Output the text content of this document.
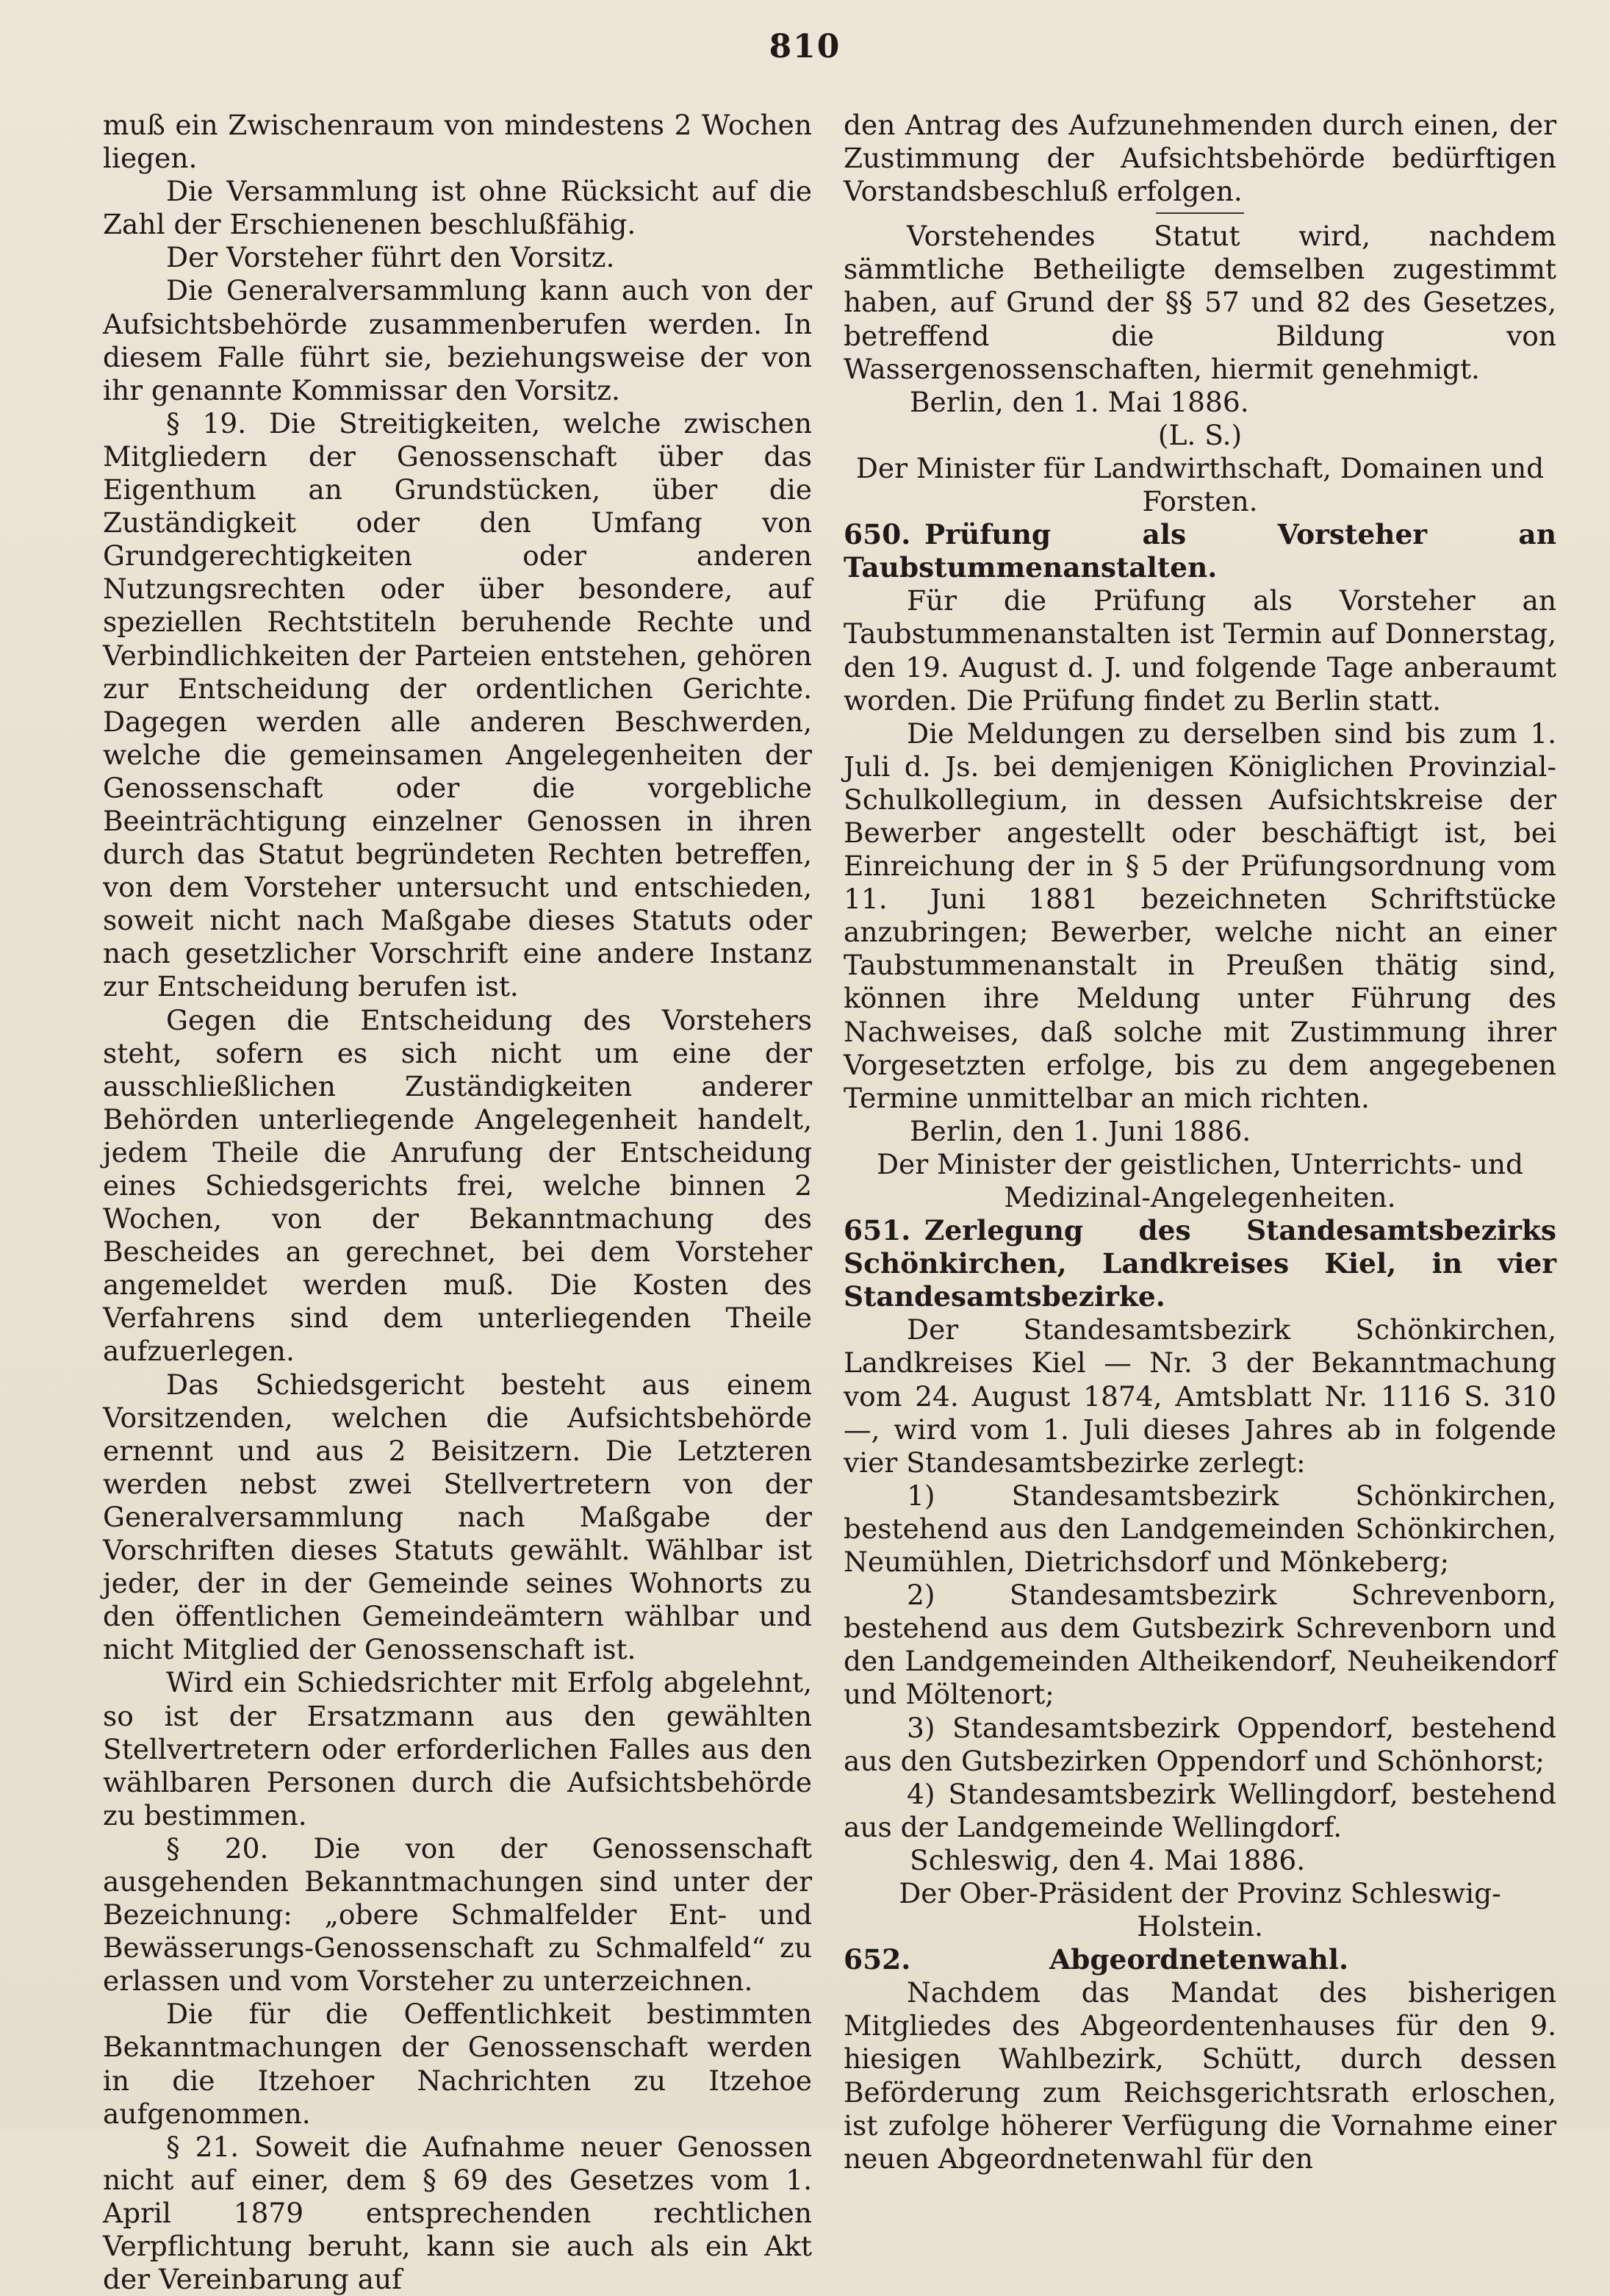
810

muß ein Zwischenraum von mindestens 2 Wochen liegen.

Die Versammlung ist ohne Rücksicht auf die Zahl der Erschienenen beschlußfähig.

Der Vorsteher führt den Vorsitz.

Die Generalversammlung kann auch von der Aufsichtsbehörde zusammenberufen werden. In diesem Falle führt sie, beziehungsweise der von ihr genannte Kommissar den Vorsitz.

§ 19. Die Streitigkeiten, welche zwischen Mitgliedern der Genossenschaft über das Eigenthum an Grundstücken, über die Zuständigkeit oder den Umfang von Grundgerechtigkeiten oder anderen Nutzungsrechten oder über besondere, auf speziellen Rechtstiteln beruhende Rechte und Verbindlichkeiten der Parteien entstehen, gehören zur Entscheidung der ordentlichen Gerichte. Dagegen werden alle anderen Beschwerden, welche die gemeinsamen Angelegenheiten der Genossenschaft oder die vorgebliche Beeinträchtigung einzelner Genossen in ihren durch das Statut begründeten Rechten betreffen, von dem Vorsteher untersucht und entschieden, soweit nicht nach Maßgabe dieses Statuts oder nach gesetzlicher Vorschrift eine andere Instanz zur Entscheidung berufen ist.

Gegen die Entscheidung des Vorstehers steht, sofern es sich nicht um eine der ausschließlichen Zuständigkeiten anderer Behörden unterliegende Angelegenheit handelt, jedem Theile die Anrufung der Entscheidung eines Schiedsgerichts frei, welche binnen 2 Wochen, von der Bekanntmachung des Bescheides an gerechnet, bei dem Vorsteher angemeldet werden muß. Die Kosten des Verfahrens sind dem unterliegenden Theile aufzuerlegen.

Das Schiedsgericht besteht aus einem Vorsitzenden, welchen die Aufsichtsbehörde ernennt und aus 2 Beisitzern. Die Letzteren werden nebst zwei Stellvertretern von der Generalversammlung nach Maßgabe der Vorschriften dieses Statuts gewählt. Wählbar ist jeder, der in der Gemeinde seines Wohnorts zu den öffentlichen Gemeindeämtern wählbar und nicht Mitglied der Genossenschaft ist.

Wird ein Schiedsrichter mit Erfolg abgelehnt, so ist der Ersatzmann aus den gewählten Stellvertretern oder erforderlichen Falles aus den wählbaren Personen durch die Aufsichtsbehörde zu bestimmen.

§ 20. Die von der Genossenschaft ausgehenden Bekanntmachungen sind unter der Bezeichnung: „obere Schmalfelder Ent- und Bewässerungs-Genossenschaft zu Schmalfeld“ zu erlassen und vom Vorsteher zu unterzeichnen.

Die für die Oeffentlichkeit bestimmten Bekanntmachungen der Genossenschaft werden in die Itzehoer Nachrichten zu Itzehoe aufgenommen.

§ 21. Soweit die Aufnahme neuer Genossen nicht auf einer, dem § 69 des Gesetzes vom 1. April 1879 entsprechenden rechtlichen Verpflichtung beruht, kann sie auch als ein Akt der Vereinbarung auf

den Antrag des Aufzunehmenden durch einen, der Zustimmung der Aufsichtsbehörde bedürftigen Vorstandsbeschluß erfolgen.

Vorstehendes Statut wird, nachdem sämmtliche Betheiligte demselben zugestimmt haben, auf Grund der §§ 57 und 82 des Gesetzes, betreffend die Bildung von Wassergenossenschaften, hiermit genehmigt.

Berlin, den 1. Mai 1886.

(L. S.)

Der Minister für Landwirthschaft, Domainen und Forsten.

650. Prüfung als Vorsteher an Taubstummenanstalten.

Für die Prüfung als Vorsteher an Taubstummenanstalten ist Termin auf Donnerstag, den 19. August d. J. und folgende Tage anberaumt worden. Die Prüfung findet zu Berlin statt.

Die Meldungen zu derselben sind bis zum 1. Juli d. Js. bei demjenigen Königlichen Provinzial-Schulkollegium, in dessen Aufsichtskreise der Bewerber angestellt oder beschäftigt ist, bei Einreichung der in § 5 der Prüfungsordnung vom 11. Juni 1881 bezeichneten Schriftstücke anzubringen; Bewerber, welche nicht an einer Taubstummenanstalt in Preußen thätig sind, können ihre Meldung unter Führung des Nachweises, daß solche mit Zustimmung ihrer Vorgesetzten erfolge, bis zu dem angegebenen Termine unmittelbar an mich richten.

Berlin, den 1. Juni 1886.

Der Minister der geistlichen, Unterrichts- und Medizinal-Angelegenheiten.

651. Zerlegung des Standesamtsbezirks Schönkirchen, Landkreises Kiel, in vier Standesamtsbezirke.

Der Standesamtsbezirk Schönkirchen, Landkreises Kiel — Nr. 3 der Bekanntmachung vom 24. August 1874, Amtsblatt Nr. 1116 S. 310 —, wird vom 1. Juli dieses Jahres ab in folgende vier Standesamtsbezirke zerlegt:

1) Standesamtsbezirk Schönkirchen, bestehend aus den Landgemeinden Schönkirchen, Neumühlen, Dietrichsdorf und Mönkeberg;

2) Standesamtsbezirk Schrevenborn, bestehend aus dem Gutsbezirk Schrevenborn und den Landgemeinden Altheikendorf, Neuheikendorf und Möltenort;

3) Standesamtsbezirk Oppendorf, bestehend aus den Gutsbezirken Oppendorf und Schönhorst;

4) Standesamtsbezirk Wellingdorf, bestehend aus der Landgemeinde Wellingdorf.

Schleswig, den 4. Mai 1886.

Der Ober-Präsident der Provinz Schleswig-Holstein.

652.	Abgeordnetenwahl.

Nachdem das Mandat des bisherigen Mitgliedes des Abgeordentenhauses für den 9. hiesigen Wahlbezirk, Schütt, durch dessen Beförderung zum Reichsgerichtsrath erloschen, ist zufolge höherer Verfügung die Vornahme einer neuen Abgeordnetenwahl für den
